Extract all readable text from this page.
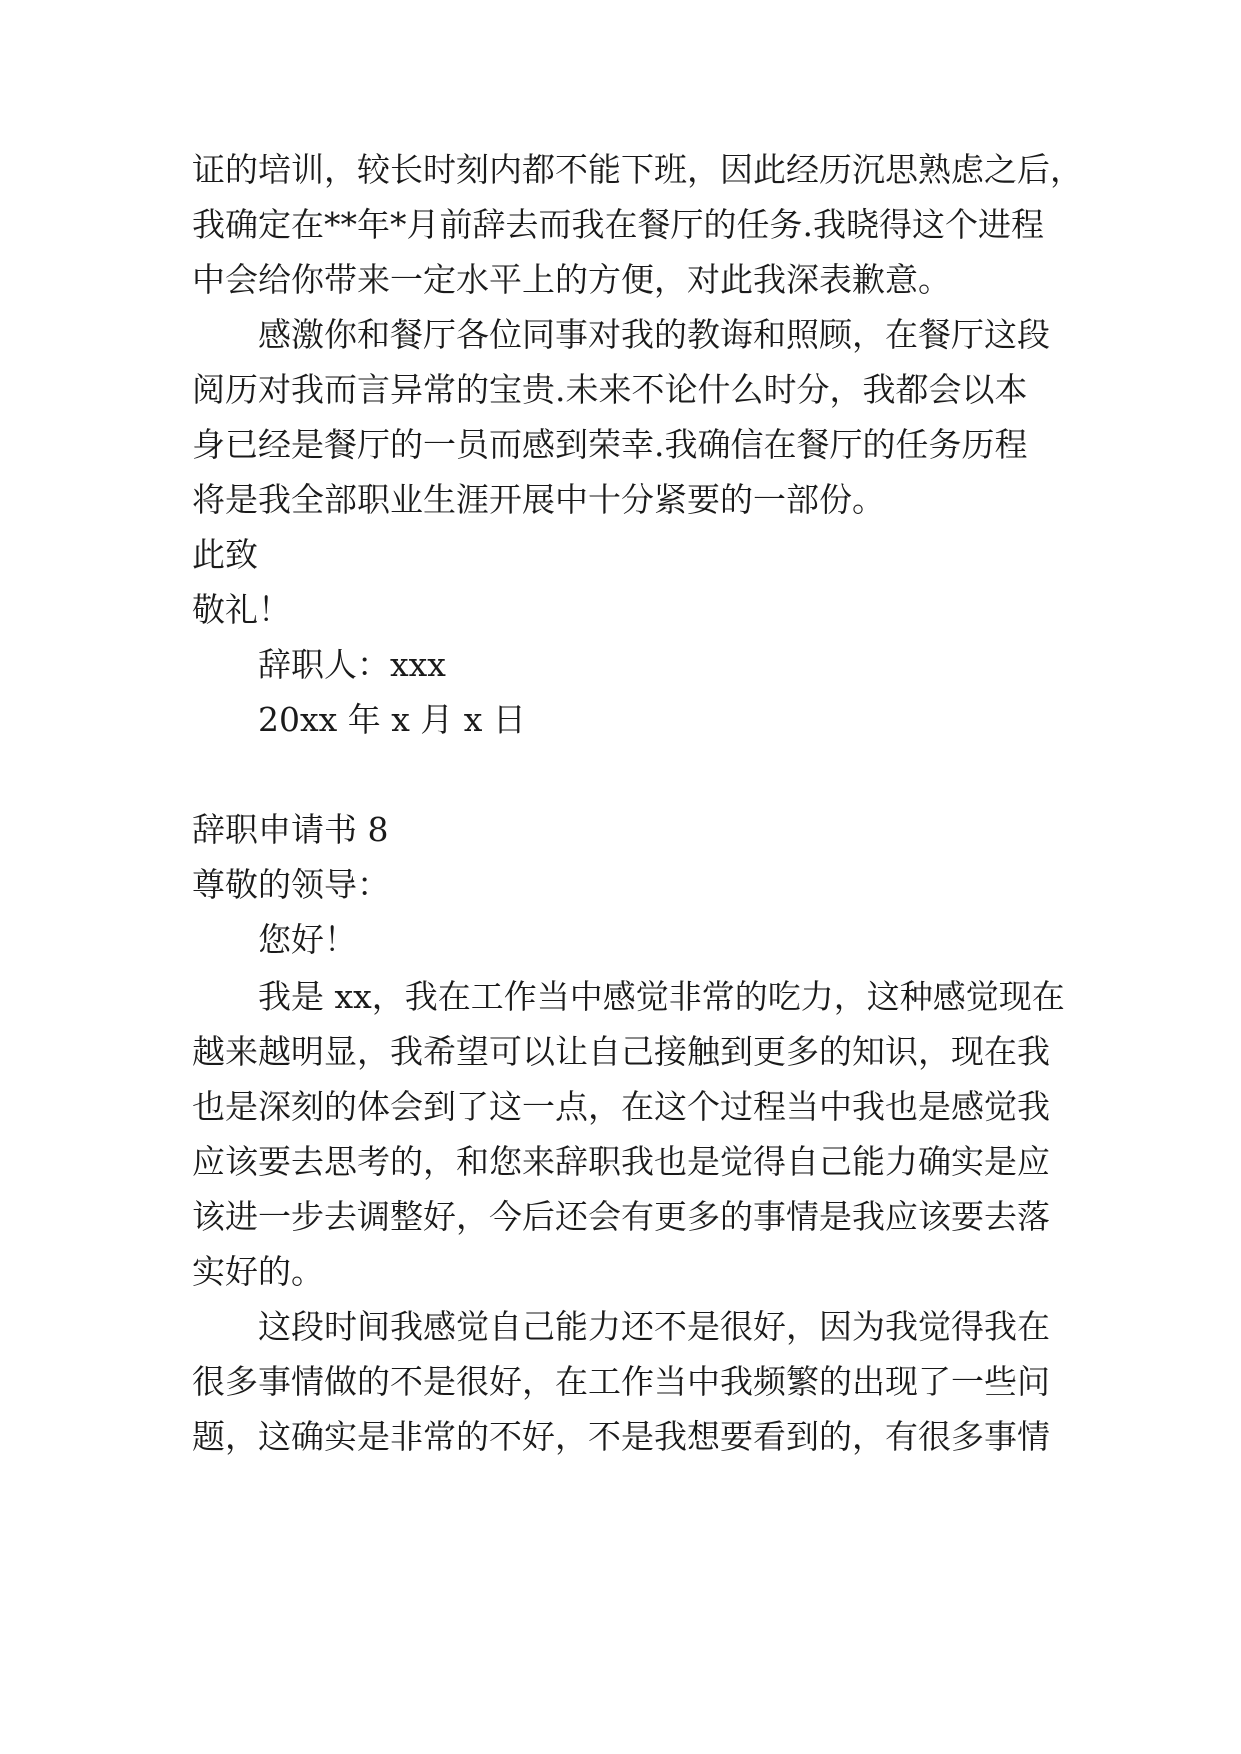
证的培训，较长时刻内都不能下班，因此经历沉思熟虑之后，
我确定在**年*月前辞去而我在餐厅的任务.我晓得这个进程
中会给你带来一定水平上的方便，对此我深表歉意。
感激你和餐厅各位同事对我的教诲和照顾，在餐厅这段
阅历对我而言异常的宝贵.未来不论什么时分，我都会以本
身已经是餐厅的一员而感到荣幸.我确信在餐厅的任务历程
将是我全部职业生涯开展中十分紧要的一部份。
此致
敬礼！
辞职人：xxx
20xx 年 x 月 x 日
辞职申请书 8
尊敬的领导：
您好！
我是 xx，我在工作当中感觉非常的吃力，这种感觉现在
越来越明显，我希望可以让自己接触到更多的知识，现在我
也是深刻的体会到了这一点，在这个过程当中我也是感觉我
应该要去思考的，和您来辞职我也是觉得自己能力确实是应
该进一步去调整好，今后还会有更多的事情是我应该要去落
实好的。
这段时间我感觉自己能力还不是很好，因为我觉得我在
很多事情做的不是很好，在工作当中我频繁的出现了一些问
题，这确实是非常的不好，不是我想要看到的，有很多事情
